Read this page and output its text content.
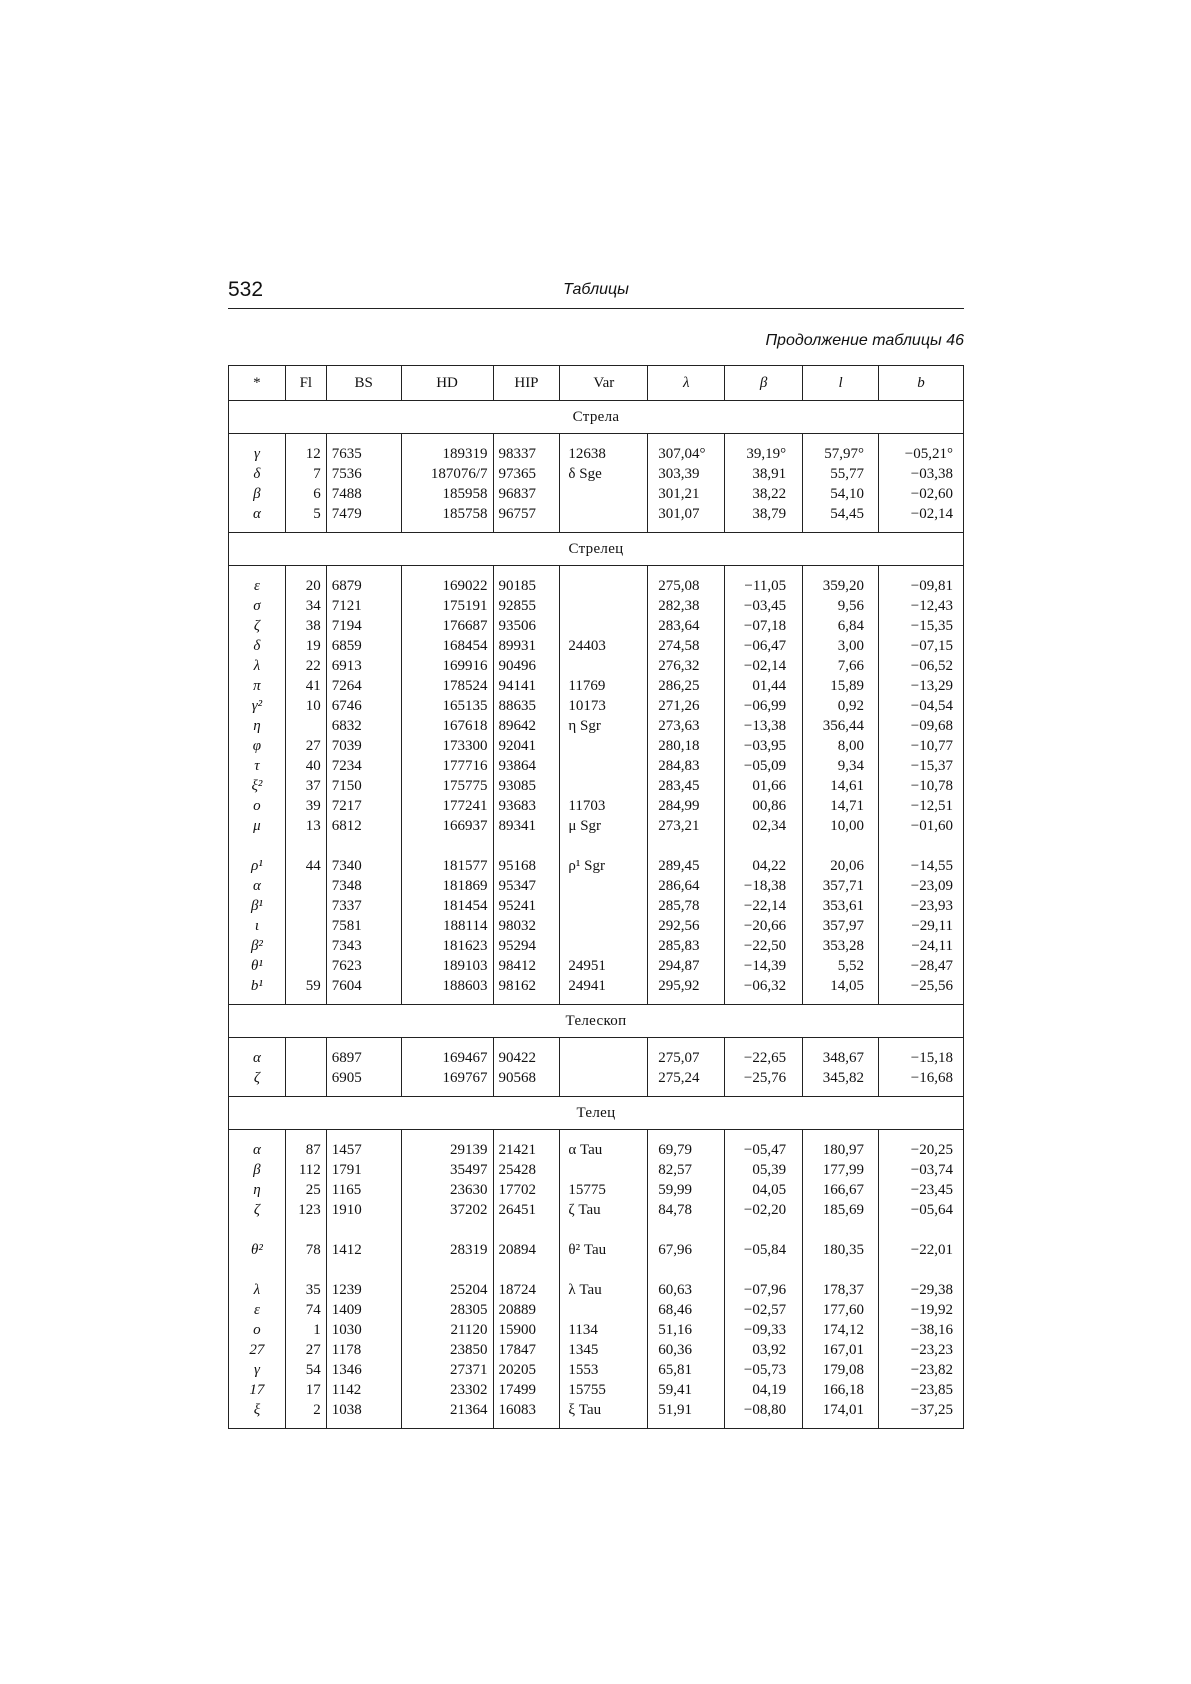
532	Таблицы
Продолжение таблицы 46
*	Fl	BS	HD	HIP	Var	λ	β	l	b
Стрела									
γ	12	7635	189319	98337	12638	307,04°	39,19°	57,97°	−05,21°
δ	7	7536	187076/7	97365	δ Sge	303,39	38,91	55,77	−03,38
β	6	7488	185958	96837		301,21	38,22	54,10	−02,60
α	5	7479	185758	96757		301,07	38,79	54,45	−02,14
Стрелец									
ε	20	6879	169022	90185		275,08	−11,05	359,20	−09,81
σ	34	7121	175191	92855		282,38	−03,45	9,56	−12,43
ζ	38	7194	176687	93506		283,64	−07,18	6,84	−15,35
δ	19	6859	168454	89931	24403	274,58	−06,47	3,00	−07,15
λ	22	6913	169916	90496		276,32	−02,14	7,66	−06,52
π	41	7264	178524	94141	11769	286,25	01,44	15,89	−13,29
γ²	10	6746	165135	88635	10173	271,26	−06,99	0,92	−04,54
η		6832	167618	89642	η Sgr	273,63	−13,38	356,44	−09,68
φ	27	7039	173300	92041		280,18	−03,95	8,00	−10,77
τ	40	7234	177716	93864		284,83	−05,09	9,34	−15,37
ξ²	37	7150	175775	93085		283,45	01,66	14,61	−10,78
ο	39	7217	177241	93683	11703	284,99	00,86	14,71	−12,51
μ	13	6812	166937	89341	μ Sgr	273,21	02,34	10,00	−01,60
ρ¹	44	7340	181577	95168	ρ¹ Sgr	289,45	04,22	20,06	−14,55
α		7348	181869	95347		286,64	−18,38	357,71	−23,09
β¹		7337	181454	95241		285,78	−22,14	353,61	−23,93
ι		7581	188114	98032		292,56	−20,66	357,97	−29,11
β²		7343	181623	95294		285,83	−22,50	353,28	−24,11
θ¹		7623	189103	98412	24951	294,87	−14,39	5,52	−28,47
b¹	59	7604	188603	98162	24941	295,92	−06,32	14,05	−25,56
Телескоп									
α		6897	169467	90422		275,07	−22,65	348,67	−15,18
ζ		6905	169767	90568		275,24	−25,76	345,82	−16,68
Телец									
α	87	1457	29139	21421	α Tau	69,79	−05,47	180,97	−20,25
β	112	1791	35497	25428		82,57	05,39	177,99	−03,74
η	25	1165	23630	17702	15775	59,99	04,05	166,67	−23,45
ζ	123	1910	37202	26451	ζ Tau	84,78	−02,20	185,69	−05,64
θ²	78	1412	28319	20894	θ² Tau	67,96	−05,84	180,35	−22,01
λ	35	1239	25204	18724	λ Tau	60,63	−07,96	178,37	−29,38
ε	74	1409	28305	20889		68,46	−02,57	177,60	−19,92
ο	1	1030	21120	15900	1134	51,16	−09,33	174,12	−38,16
27	27	1178	23850	17847	1345	60,36	03,92	167,01	−23,23
γ	54	1346	27371	20205	1553	65,81	−05,73	179,08	−23,82
17	17	1142	23302	17499	15755	59,41	04,19	166,18	−23,85
ξ	2	1038	21364	16083	ξ Tau	51,91	−08,80	174,01	−37,25
